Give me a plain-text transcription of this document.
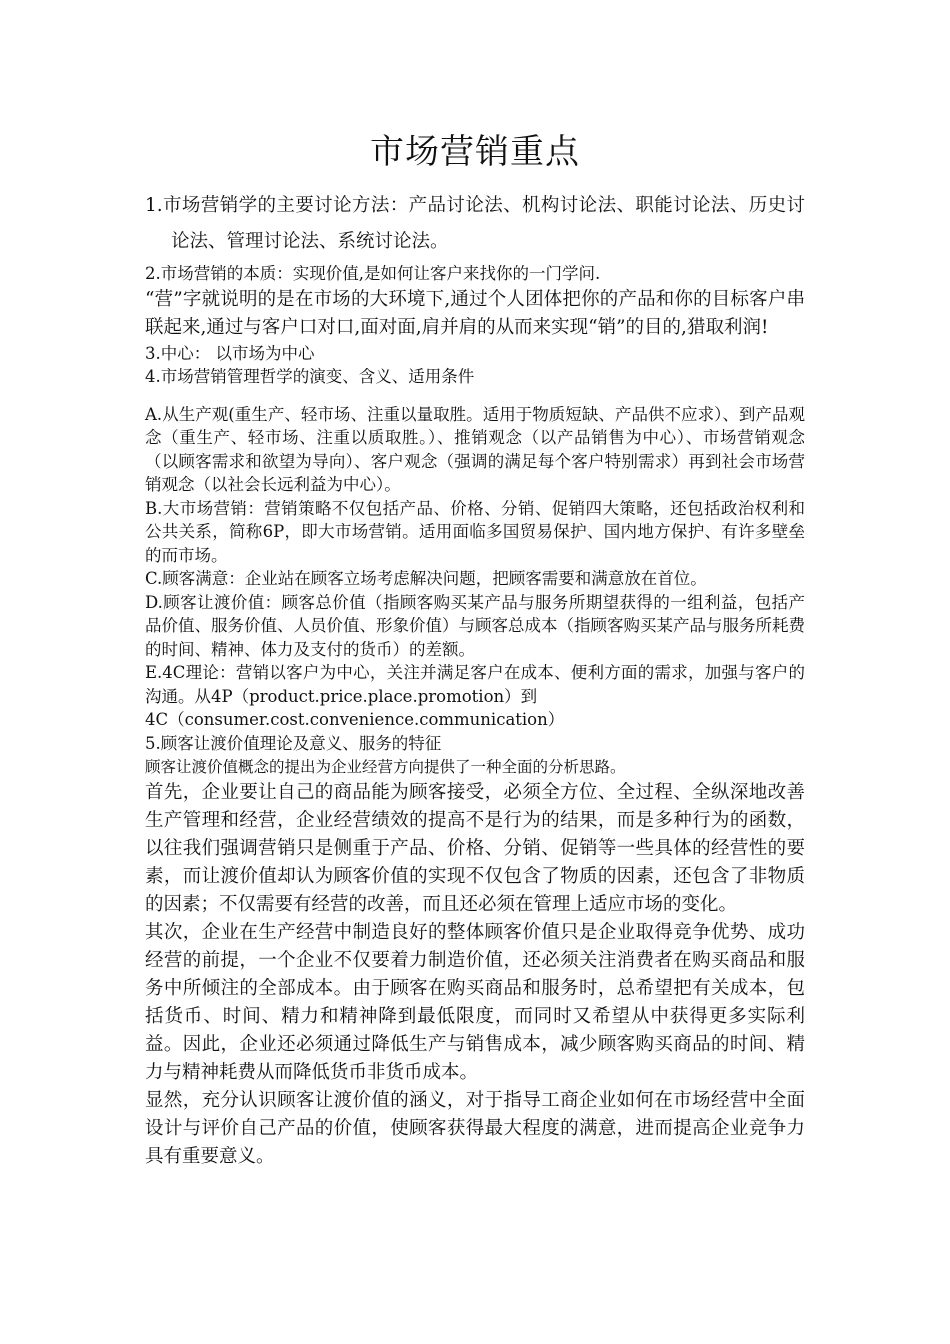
市场营销重点

1.市场营销学的主要讨论方法：产品讨论法、机构讨论法、职能讨论法、历史讨论法、管理讨论法、系统讨论法。

2.市场营销的本质：实现价值,是如何让客户来找你的一门学问.

“营”字就说明的是在市场的大环境下,通过个人团体把你的产品和你的目标客户串联起来,通过与客户口对口,面对面,肩并肩的从而来实现“销”的目的,猎取利润!

3.中心： 以市场为中心

4.市场营销管理哲学的演变、含义、适用条件

A.从生产观(重生产、轻市场、注重以量取胜。适用于物质短缺、产品供不应求）、到产品观念（重生产、轻市场、注重以质取胜。）、推销观念（以产品销售为中心）、市场营销观念（以顾客需求和欲望为导向）、客户观念（强调的满足每个客户特别需求）再到社会市场营销观念（以社会长远利益为中心）。

B.大市场营销：营销策略不仅包括产品、价格、分销、促销四大策略，还包括政治权利和公共关系，简称6P，即大市场营销。适用面临多国贸易保护、国内地方保护、有许多壁垒的而市场。

C.顾客满意：企业站在顾客立场考虑解决问题，把顾客需要和满意放在首位。

D.顾客让渡价值：顾客总价值（指顾客购买某产品与服务所期望获得的一组利益，包括产品价值、服务价值、人员价值、形象价值）与顾客总成本（指顾客购买某产品与服务所耗费的时间、精神、体力及支付的货币）的差额。

E.4C理论：营销以客户为中心，关注并满足客户在成本、便利方面的需求，加强与客户的沟通。从4P（product.price.place.promotion）到

4C（consumer.cost.convenience.communication）

5.顾客让渡价值理论及意义、服务的特征

顾客让渡价值概念的提出为企业经营方向提供了一种全面的分析思路。

首先，企业要让自己的商品能为顾客接受，必须全方位、全过程、全纵深地改善生产管理和经营，企业经营绩效的提高不是行为的结果，而是多种行为的函数，以往我们强调营销只是侧重于产品、价格、分销、促销等一些具体的经营性的要素，而让渡价值却认为顾客价值的实现不仅包含了物质的因素，还包含了非物质的因素；不仅需要有经营的改善，而且还必须在管理上适应市场的变化。

其次，企业在生产经营中制造良好的整体顾客价值只是企业取得竞争优势、成功经营的前提，一个企业不仅要着力制造价值，还必须关注消费者在购买商品和服务中所倾注的全部成本。由于顾客在购买商品和服务时，总希望把有关成本，包括货币、时间、精力和精神降到最低限度，而同时又希望从中获得更多实际利益。因此，企业还必须通过降低生产与销售成本，减少顾客购买商品的时间、精力与精神耗费从而降低货币非货币成本。

显然，充分认识顾客让渡价值的涵义，对于指导工商企业如何在市场经营中全面设计与评价自己产品的价值，使顾客获得最大程度的满意，进而提高企业竞争力具有重要意义。
